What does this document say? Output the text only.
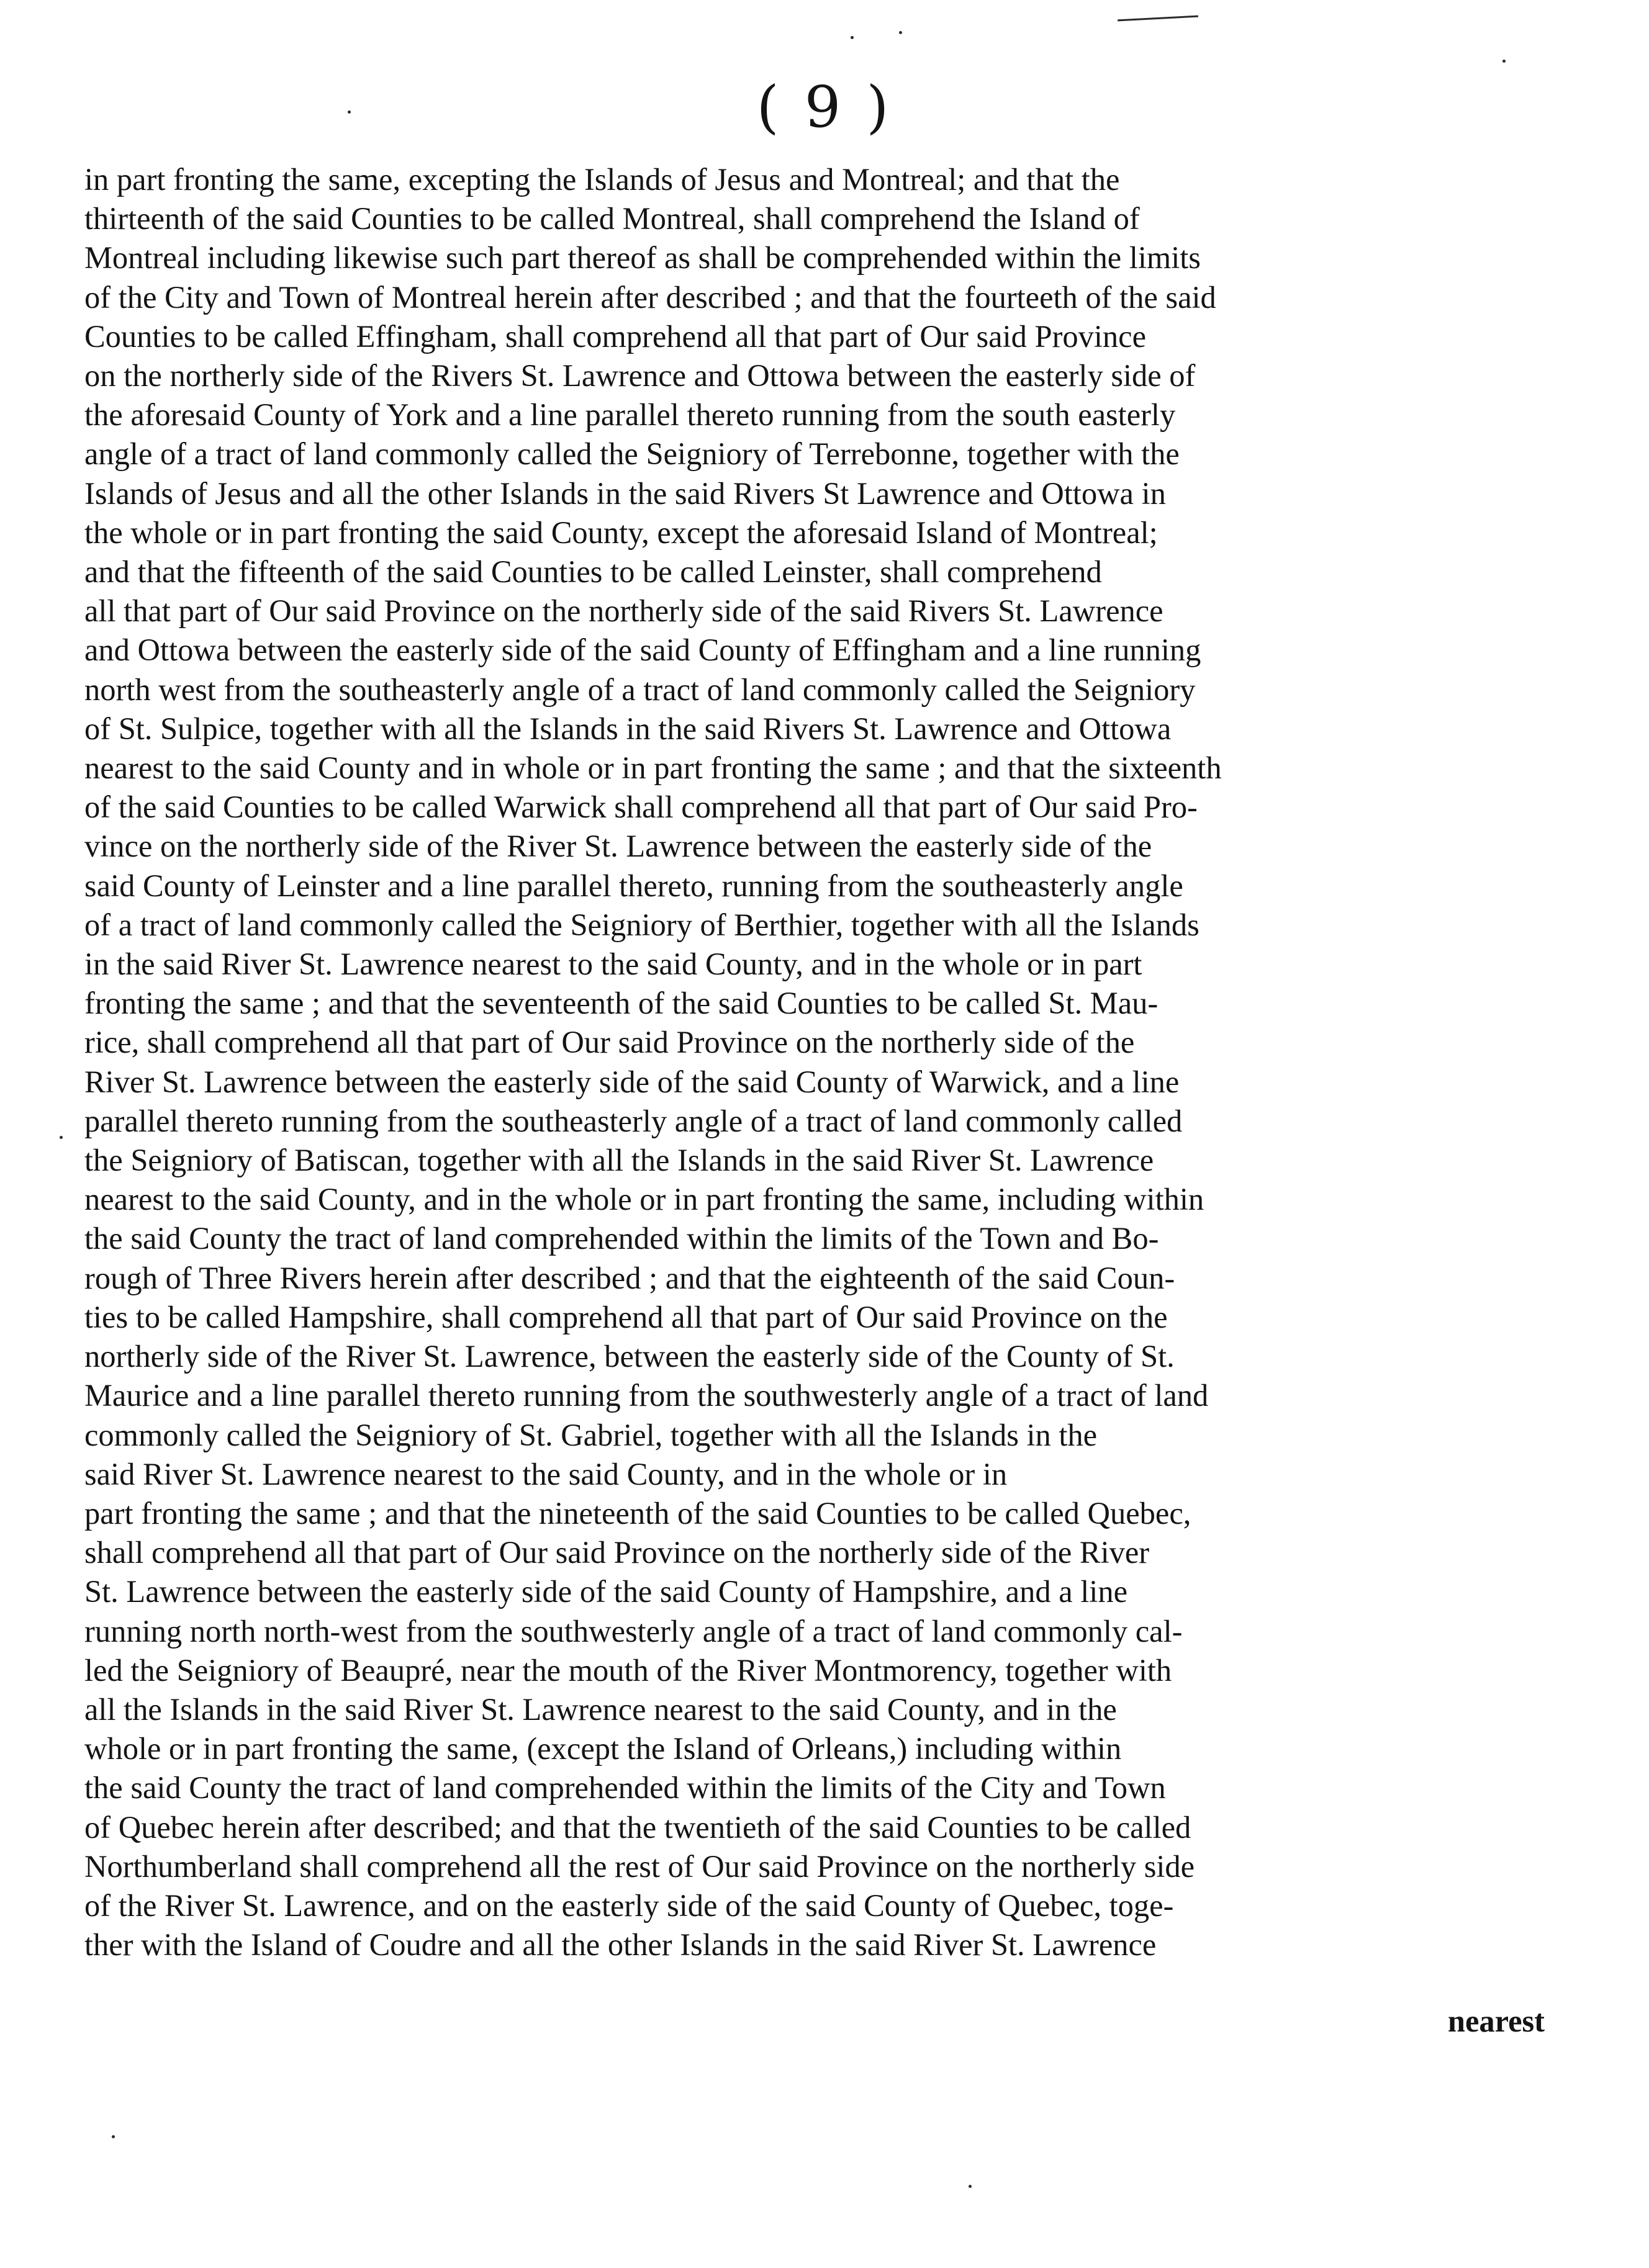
( 9 )
in part fronting the same, excepting the Islands of Jesus and Montreal; and that the
thirteenth of the said Counties to be called Montreal, shall comprehend the Island of
Montreal including likewise such part thereof as shall be comprehended within the limits
of the City and Town of Montreal herein after described ; and that the fourteeth of the said
Counties to be called Effingham, shall comprehend all that part of Our said Province
on the northerly side of the Rivers St. Lawrence and Ottowa between the easterly side of
the aforesaid County of York and a line parallel thereto running from the south easterly
angle of a tract of land commonly called the Seigniory of Terrebonne, together with the
Islands of Jesus and all the other Islands in the said Rivers St Lawrence and Ottowa in
the whole or in part fronting the said County, except the aforesaid Island of Montreal;
and that the fifteenth of the said Counties to be called Leinster, shall comprehend
all that part of Our said Province on the northerly side of the said Rivers St. Lawrence
and Ottowa between the easterly side of the said County of Effingham and a line running
north west from the southeasterly angle of a tract of land commonly called the Seigniory
of St. Sulpice, together with all the Islands in the said Rivers St. Lawrence and Ottowa
nearest to the said County and in whole or in part fronting the same ; and that the sixteenth
of the said Counties to be called Warwick shall comprehend all that part of Our said Pro-
vince on the northerly side of the River St. Lawrence between the easterly side of the
said County of Leinster and a line parallel thereto, running from the southeasterly angle
of a tract of land commonly called the Seigniory of Berthier, together with all the Islands
in the said River St. Lawrence nearest to the said County, and in the whole or in part
fronting the same ; and that the seventeenth of the said Counties to be called St. Mau-
rice, shall comprehend all that part of Our said Province on the northerly side of the
River St. Lawrence between the easterly side of the said County of Warwick, and a line
parallel thereto running from the southeasterly angle of a tract of land commonly called
the Seigniory of Batiscan, together with all the Islands in the said River St. Lawrence
nearest to the said County, and in the whole or in part fronting the same, including within
the said County the tract of land comprehended within the limits of the Town and Bo-
rough of Three Rivers herein after described ; and that the eighteenth of the said Coun-
ties to be called Hampshire, shall comprehend all that part of Our said Province on the
northerly side of the River St. Lawrence, between the easterly side of the County of St.
Maurice and a line parallel thereto running from the southwesterly angle of a tract of land
commonly called the Seigniory of St. Gabriel, together with all the Islands in the
said River St. Lawrence nearest to the said County, and in the whole or in
part fronting the same ; and that the nineteenth of the said Counties to be called Quebec,
shall comprehend all that part of Our said Province on the northerly side of the River
St. Lawrence between the easterly side of the said County of Hampshire, and a line
running north north-west from the southwesterly angle of a tract of land commonly cal-
led the Seigniory of Beaupré, near the mouth of the River Montmorency, together with
all the Islands in the said River St. Lawrence nearest to the said County, and in the
whole or in part fronting the same, (except the Island of Orleans,) including within
the said County the tract of land comprehended within the limits of the City and Town
of Quebec herein after described; and that the twentieth of the said Counties to be called
Northumberland shall comprehend all the rest of Our said Province on the northerly side
of the River St. Lawrence, and on the easterly side of the said County of Quebec, toge-
ther with the Island of Coudre and all the other Islands in the said River St. Lawrence
nearest
